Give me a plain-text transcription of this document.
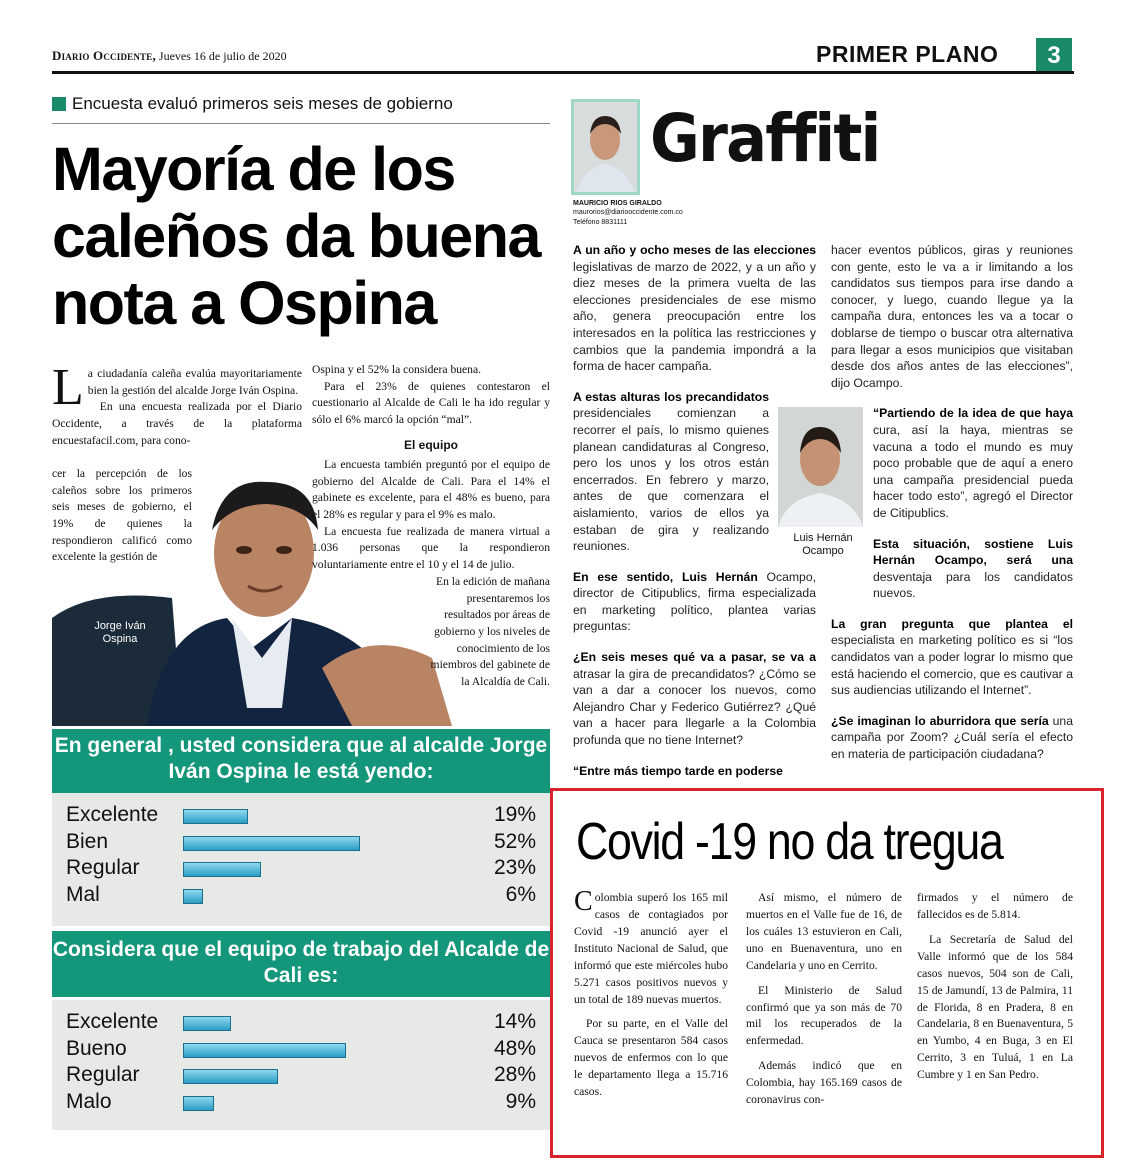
Diario Occidente, Jueves 16 de julio de 2020	PRIMER PLANO	3
Encuesta evaluó primeros seis meses de gobierno
Mayoría de los caleños da buena nota a Ospina
Jorge Iván Ospina
L a ciudadanía caleña evalúa mayoritariamente bien la gestión del alcalde Jorge Iván Ospina.

En una encuesta realizada por el Diario Occidente, a través de la plataforma encuestafacil.com, para cono-

cer la percepción de los caleños sobre los primeros seis meses de gobierno, el 19% de quienes la respondieron calificó como excelente la gestión de

Ospina y el 52% la considera buena.

Para el 23% de quienes contestaron el cuestionario al Alcalde de Cali le ha ido regular y sólo el 6% marcó la opción “mal”.

El equipo

La encuesta también preguntó por el equipo de gobierno del Alcalde de Cali. Para el 14% el gabinete es excelente, para el 48% es bueno, para el 28% es regular y para el 9% es malo.

La encuesta fue realizada de manera virtual a 1.036 personas que la respondieron voluntariamente entre el 10 y el 14 de julio.

En la edición de mañana presentaremos los resultados por áreas de gobierno y los niveles de conocimiento de los miembros del gabinete de la Alcaldía de Cali.

En general , usted considera que al alcalde Jorge Iván Ospina le está yendo:
Excelente	19%
Bien	52%
Regular	23%
Mal	6%
Considera que el equipo de trabajo del Alcalde de Cali es:
Excelente	14%
Bueno	48%
Regular	28%
Malo	9%
Graffiti
MAURICIO RIOS GIRALDO
maurorios@diariooccidente.com.co
Teléfono 8831111

A un año y ocho meses de las elecciones legislativas de marzo de 2022, y a un año y diez meses de la primera vuelta de las elecciones presidenciales de ese mismo año, genera preocupación entre los interesados en la política las restricciones y cambios que la pandemia impondrá a la forma de hacer campaña.

A estas alturas los precandidatos presidenciales comienzan a recorrer el país, lo mismo quienes planean candidaturas al Congreso, pero los unos y los otros están encerrados. En febrero y marzo, antes de que comenzara el aislamiento, varios de ellos ya estaban de gira y realizando reuniones.

En ese sentido, Luis Hernán Ocampo, director de Citipublics, firma especializada en marketing político, plantea varias preguntas:

¿En seis meses qué va a pasar, se va a atrasar la gira de precandidatos? ¿Cómo se van a dar a conocer los nuevos, como Alejandro Char y Federico Gutiérrez? ¿Qué van a hacer para llegarle a la Colombia profunda que no tiene Internet?

“Entre más tiempo tarde en poderse

Luis Hernán Ocampo

hacer eventos públicos, giras y reuniones con gente, esto le va a ir limitando a los candidatos sus tiempos para irse dando a conocer, y luego, cuando llegue ya la campaña dura, entonces les va a tocar o doblarse de tiempo o buscar otra alternativa para llegar a esos municipios que visitaban desde dos años antes de las elecciones”, dijo Ocampo.

“Partiendo de la idea de que haya cura, así la haya, mientras se vacuna a todo el mundo es muy poco probable que de aquí a enero una campaña presidencial pueda hacer todo esto”, agregó el Director de Citipublics.

Esta situación, sostiene Luis Hernán Ocampo, será una desventaja para los candidatos nuevos.

La gran pregunta que plantea el especialista en marketing político es si “los candidatos van a poder lograr lo mismo que está haciendo el comercio, que es cautivar a sus audiencias utilizando el Internet”.

¿Se imaginan lo aburridora que sería una campaña por Zoom? ¿Cuál sería el efecto en materia de participación ciudadana?

Covid -19 no da tregua

Colombia superó los 165 mil casos de contagiados por Covid -19 anunció ayer el Instituto Nacional de Salud, que informó que este miércoles hubo 5.271 casos positivos nuevos y un total de 189 nuevas muertos.

Por su parte, en el Valle del Cauca se presentaron 584 casos nuevos de enfermos con lo que le departamento llega a 15.716 casos.

Así mismo, el número de muertos en el Valle fue de 16, de los cuáles 13 estuvieron en Cali, uno en Buenaventura, uno en Candelaria y uno en Cerrito.

El Ministerio de Salud confirmó que ya son más de 70 mil los recuperados de la enfermedad.

Además indicó que en Colombia, hay 165.169 casos de coronavirus con-

firmados y el número de fallecidos es de 5.814.

La Secretaría de Salud del Valle informó que de los 584 casos nuevos, 504 son de Cali, 15 de Jamundí, 13 de Palmira, 11 de Florida, 8 en Pradera, 8 en Candelaria, 8 en Buenaventura, 5 en Yumbo, 4 en Buga, 3 en El Cerrito, 3 en Tuluá, 1 en La Cumbre y 1 en San Pedro.
